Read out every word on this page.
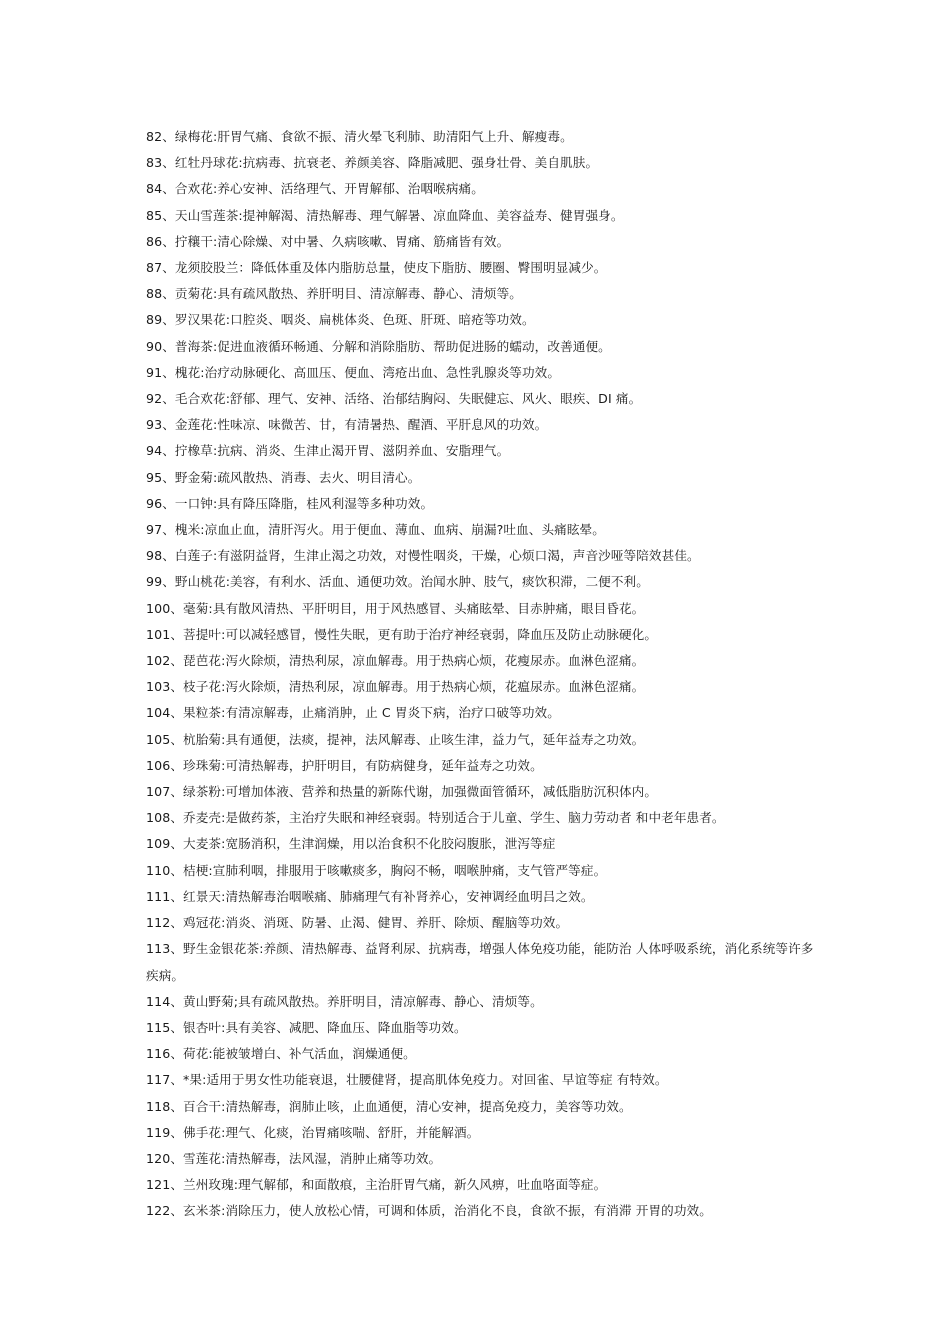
82、绿梅花:肝胃气痛、食欲不振、清火晕飞利肺、助清阳气上升、解瘦毒。
83、红牡丹球花:抗病毒、抗衰老、养颜美容、降脂减肥、强身壮骨、美自肌肤。
84、合欢花:养心安神、活络理气、开胃解郁、治咽喉病痛。
85、天山雪莲茶:提神解渴、清热解毒、理气解暑、凉血降血、美容益寿、健胃强身。
86、拧穰干:清心除燥、对中暑、久病咳嗽、胃痛、筋痛皆有效。
87、龙须胶股兰：降低体重及体内脂肪总量，使皮下脂肪、腰圈、臀围明显减少。
88、贡菊花:具有疏风散热、养肝明目、清凉解毒、静心、清烦等。
89、罗汉果花:口腔炎、咽炎、扁桃体炎、色斑、肝斑、暗疮等功效。
90、普海茶:促进血液循环畅通、分解和消除脂肪、帮助促进肠的蠕动，改善通便。
91、槐花:治疗动脉硬化、高皿压、便血、湾疮出血、急性乳腺炎等功效。
92、毛合欢花:舒郁、理气、安神、活络、治郁结胸闷、失眠健忘、风火、眼疾、DI 痛。
93、金莲花:性味凉、味微苦、甘，有清暑热、醒酒、平肝息风的功效。
94、拧橡草:抗病、消炎、生津止渴开胃、滋阴养血、安脂理气。
95、野金菊:疏风散热、消毒、去火、明目清心。
96、一口钟:具有降压降脂，桂风利湿等多种功效。
97、槐米:凉血止血，清肝泻火。用于便血、薄血、血病、崩漏?吐血、头痛眩晕。
98、白莲子:有滋阴益肾，生津止渴之功效，对慢性咽炎，干燥，心烦口渴，声音沙哑等陪效甚佳。
99、野山桃花:美容，有利水、活血、通便功效。治闻水肿、肢气，痰饮积滞，二便不利。
100、毫菊:具有散风清热、平肝明目，用于风热感冒、头痛眩晕、目赤肿痛，眼目昏花。
101、菩提叶:可以减轻感冒，慢性失眠，更有助于治疗神经衰弱，降血压及防止动脉硬化。
102、琵芭花:泻火除烦，清热利尿，凉血解毒。用于热病心烦，花瘦尿赤。血淋色涩痛。
103、枝子花:泻火除烦，清热利尿，凉血解毒。用于热病心烦，花瘟尿赤。血淋色涩痛。
104、果粒茶:有清凉解毒，止痛消肿，止 C 胃炎下病，治疗口破等功效。
105、杭胎菊:具有通便，法痰，提神，法风解毒、止咳生津，益力气，延年益寿之功效。
106、珍珠菊:可清热解毒，护肝明目，有防病健身，延年益寿之功效。
107、绿茶粉:可增加体液、营养和热量的新陈代谢，加强微面管循环，减低脂肪沉积体内。
108、乔麦壳:是做药茶，主治疗失眠和神经衰弱。特别适合于儿童、学生、脑力劳动者 和中老年患者。
109、大麦茶:宽肠消积，生津润燥，用以治食积不化胶闷腹胀，泄泻等症
110、桔梗:宣肺利咽，排服用于咳嗽痰多，胸闷不畅，咽喉肿痛，支气管严等症。
111、红景天:清热解毒治咽喉痛、肺痛理气有补肾养心，安神调经血明吕之效。
112、鸡冠花:消炎、消斑、防暑、止渴、健胃、养肝、除烦、醒脑等功效。
113、野生金银花茶:养颜、清热解毒、益肾利尿、抗病毒，增强人体免疫功能，能防治 人体呼吸系统，消化系统等许多疾病。
114、黄山野菊;具有疏风散热。养肝明目，清凉解毒、静心、清烦等。
115、银杏叶:具有美容、减肥、降血压、降血脂等功效。
116、荷花:能被皱增白、补气活血，润燥通便。
117、*果:适用于男女性功能衰退，壮腰健肾，提高肌体免疫力。对回雀、早谊等症 有特效。
118、百合干:清热解毒，润肺止咳，止血通便，清心安神，提高免疫力，美容等功效。
119、佛手花:理气、化痰，治胃痛咳喘、舒肝，并能解酒。
120、雪莲花:清热解毒，法风湿，消肿止痛等功效。
121、兰州玫瑰:理气解郁，和面散痕，主治肝胃气痛，新久风痹，吐血咯面等症。
122、玄米茶:消除压力，使人放松心情，可调和体质，治消化不良，食欲不振，有消滞 开胃的功效。
